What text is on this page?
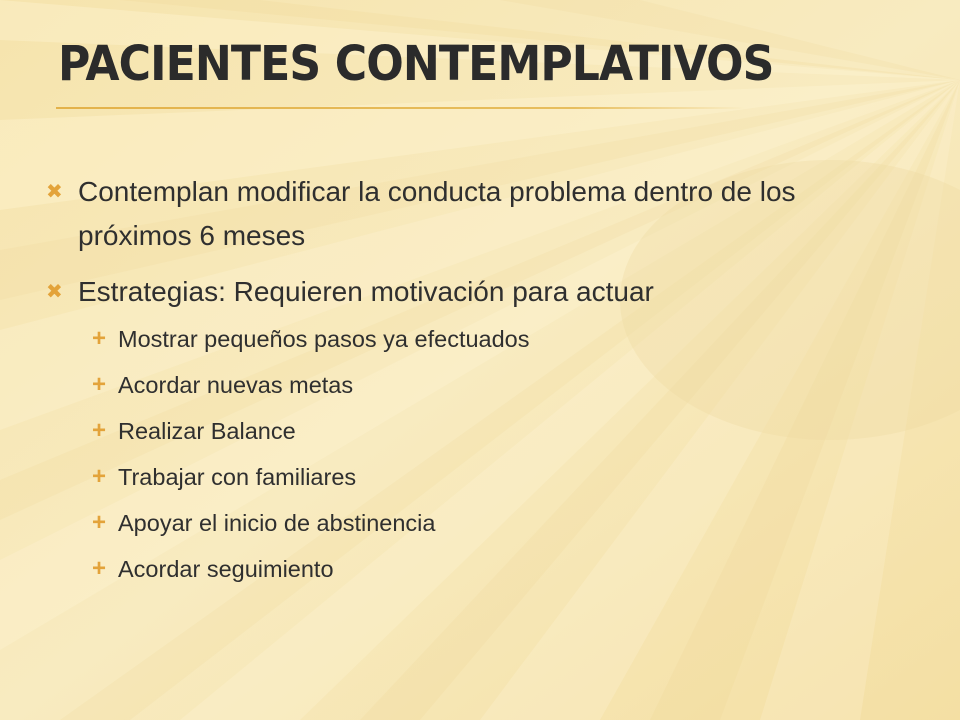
PACIENTES CONTEMPLATIVOS
✖ Contemplan modificar la conducta problema dentro de los próximos 6 meses
✖ Estrategias: Requieren motivación para actuar
+ Mostrar pequeños pasos ya efectuados
+ Acordar nuevas metas
+ Realizar Balance
+ Trabajar con familiares
+ Apoyar el inicio de abstinencia
+ Acordar seguimiento
